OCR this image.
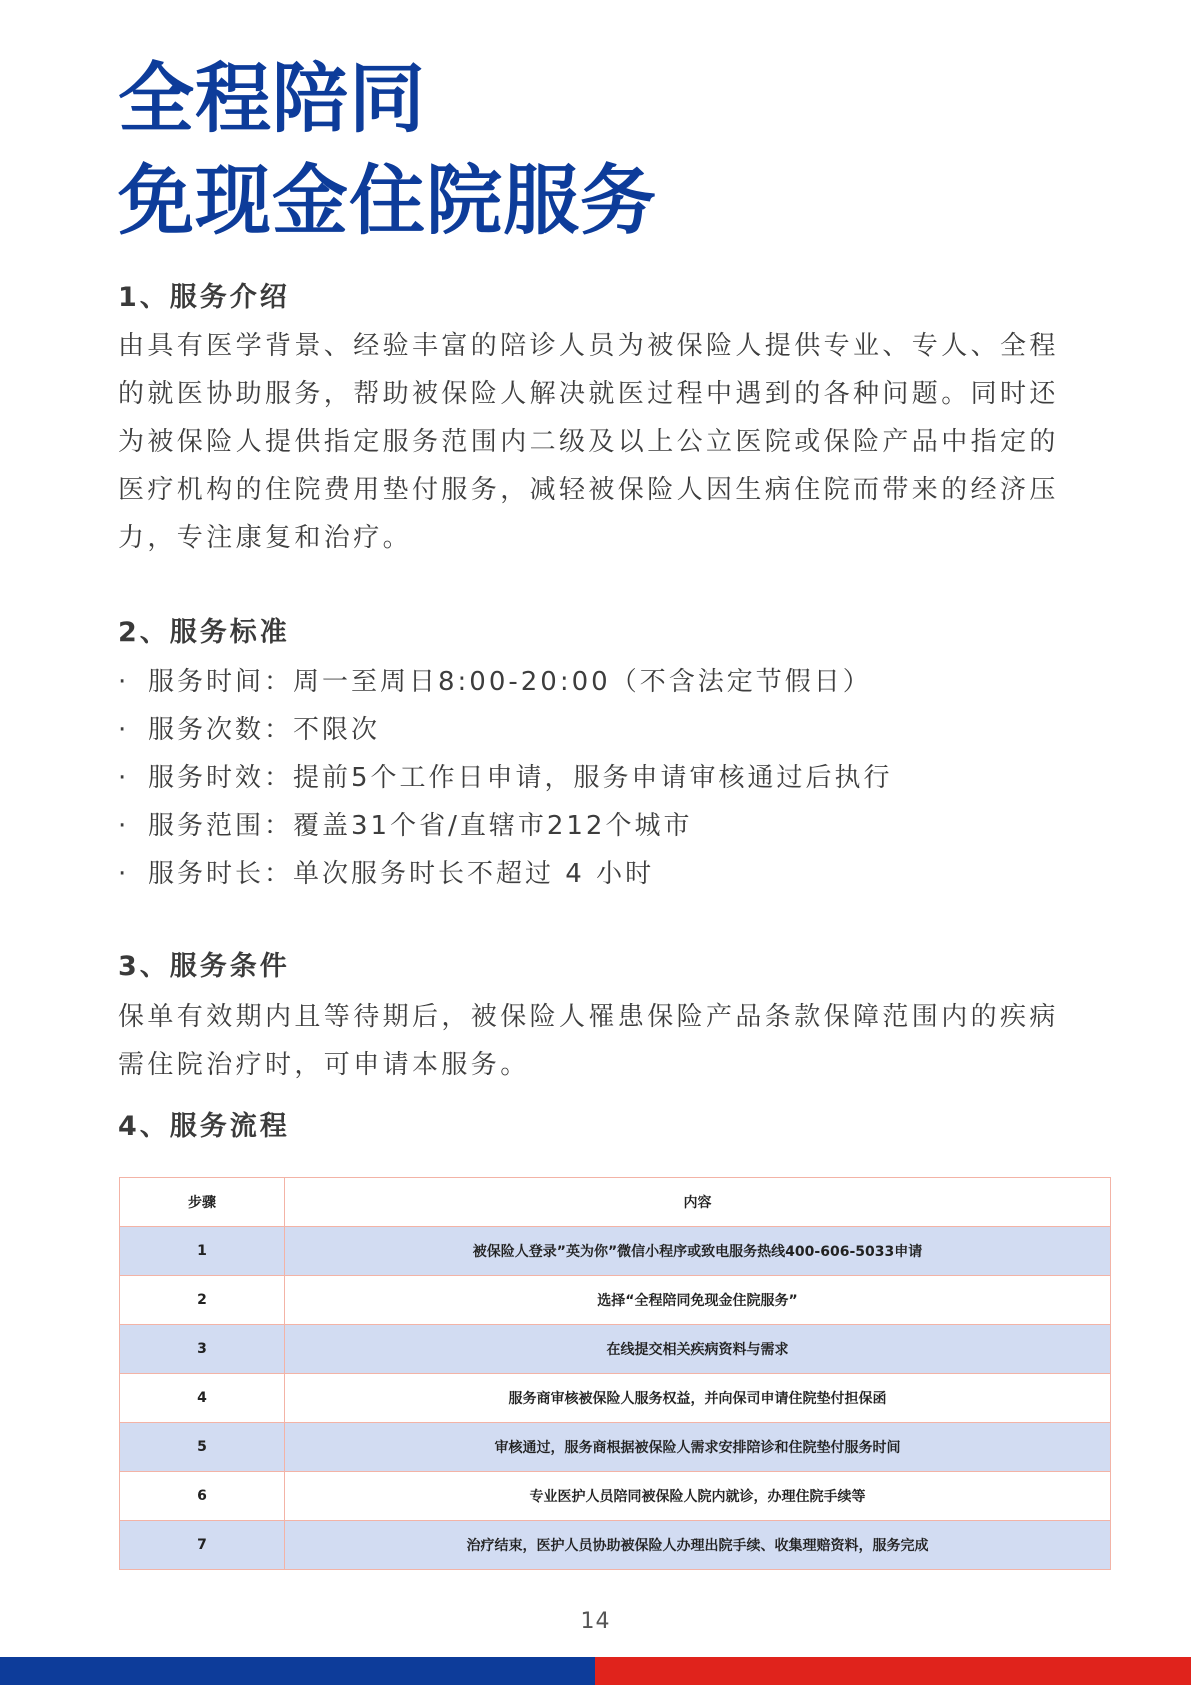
全程陪同
免现金住院服务
1、服务介绍

由具有医学背景、经验丰富的陪诊人员为被保险人提供专业、专人、全程
的就医协助服务，帮助被保险人解决就医过程中遇到的各种问题。同时还
为被保险人提供指定服务范围内二级及以上公立医院或保险产品中指定的
医疗机构的住院费用垫付服务，减轻被保险人因生病住院而带来的经济压
力，专注康复和治疗。

2、服务标准
· 服务时间：周一至周日8:00-20:00（不含法定节假日）
· 服务次数：不限次
· 服务时效：提前5个工作日申请，服务申请审核通过后执行
· 服务范围：覆盖31个省/直辖市212个城市
· 服务时长：单次服务时长不超过 4 小时
3、服务条件

保单有效期内且等待期后，被保险人罹患保险产品条款保障范围内的疾病
需住院治疗时，可申请本服务。

4、服务流程
步骤	内容
1	被保险人登录”英为你”微信小程序或致电服务热线400-606-5033申请
2	选择“全程陪同免现金住院服务”
3	在线提交相关疾病资料与需求
4	服务商审核被保险人服务权益，并向保司申请住院垫付担保函
5	审核通过，服务商根据被保险人需求安排陪诊和住院垫付服务时间
6	专业医护人员陪同被保险人院内就诊，办理住院手续等
7	治疗结束，医护人员协助被保险人办理出院手续、收集理赔资料，服务完成
14
